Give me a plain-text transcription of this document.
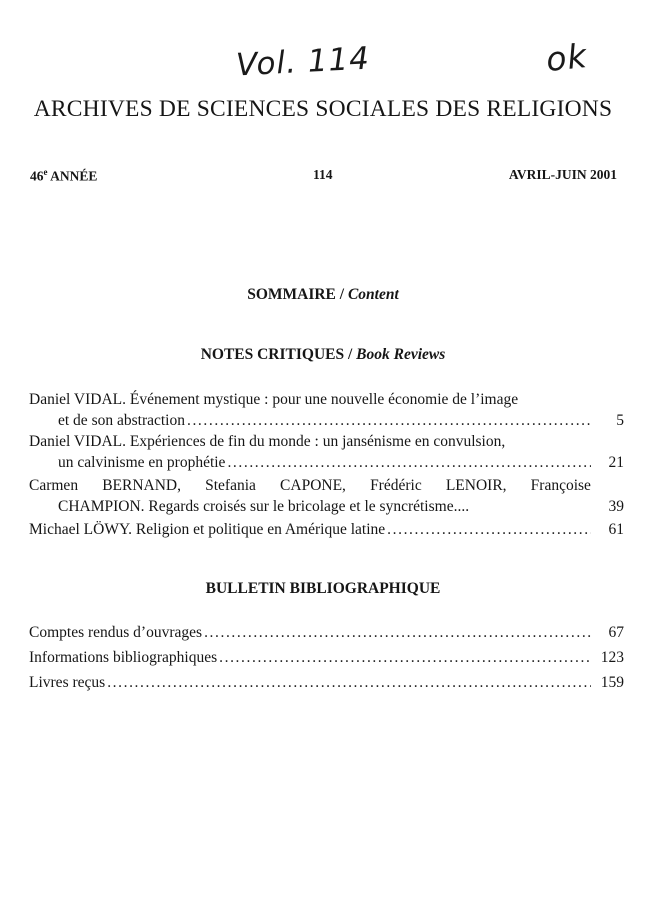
Vol. 114	ok
ARCHIVES DE SCIENCES SOCIALES DES RELIGIONS
46e ANNÉE	114	AVRIL-JUIN 2001
SOMMAIRE / Content
NOTES CRITIQUES / Book Reviews
Daniel VIDAL. Événement mystique : pour une nouvelle économie de l’image
et de son abstraction .....	5
Daniel VIDAL. Expériences de fin du monde : un jansénisme en convulsion,
un calvinisme en prophétie .....	21
Carmen BERNAND, Stefania CAPONE, Frédéric LENOIR, Françoise
CHAMPION. Regards croisés sur le bricolage et le syncrétisme....	39
Michael LÖWY. Religion et politique en Amérique latine .....	61
BULLETIN BIBLIOGRAPHIQUE
Comptes rendus d’ouvrages .....	67
Informations bibliographiques .....	123
Livres reçus .....	159
